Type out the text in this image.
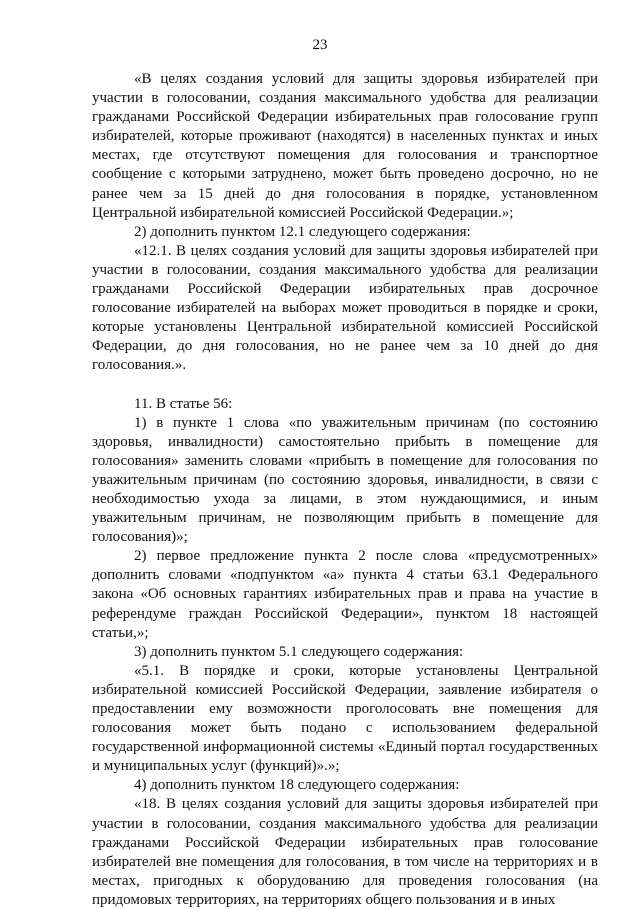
23

«В целях создания условий для защиты здоровья избирателей при участии в голосовании, создания максимального удобства для реализации гражданами Российской Федерации избирательных прав голосование групп избирателей, которые проживают (находятся) в населенных пунктах и иных местах, где отсутствуют помещения для голосования и транспортное сообщение с которыми затруднено, может быть проведено досрочно, но не ранее чем за 15 дней до дня голосования в порядке, установленном Центральной избирательной комиссией Российской Федерации.»;

2) дополнить пунктом 12.1 следующего содержания:

«12.1. В целях создания условий для защиты здоровья избирателей при участии в голосовании, создания максимального удобства для реализации гражданами Российской Федерации избирательных прав досрочное голосование избирателей на выборах может проводиться в порядке и сроки, которые установлены Центральной избирательной комиссией Российской Федерации, до дня голосования, но не ранее чем за 10 дней до дня голосования.».

11. В статье 56:

1) в пункте 1 слова «по уважительным причинам (по состоянию здоровья, инвалидности) самостоятельно прибыть в помещение для голосования» заменить словами «прибыть в помещение для голосования по уважительным причинам (по состоянию здоровья, инвалидности, в связи с необходимостью ухода за лицами, в этом нуждающимися, и иным уважительным причинам, не позволяющим прибыть в помещение для голосования)»;

2) первое предложение пункта 2 после слова «предусмотренных» дополнить словами «подпунктом «а» пункта 4 статьи 63.1 Федерального закона «Об основных гарантиях избирательных прав и права на участие в референдуме граждан Российской Федерации», пунктом 18 настоящей статьи,»;

3) дополнить пунктом 5.1 следующего содержания:

«5.1. В порядке и сроки, которые установлены Центральной избирательной комиссией Российской Федерации, заявление избирателя о предоставлении ему возможности проголосовать вне помещения для голосования может быть подано с использованием федеральной государственной информационной системы «Единый портал государственных и муниципальных услуг (функций)».»;

4) дополнить пунктом 18 следующего содержания:

«18. В целях создания условий для защиты здоровья избирателей при участии в голосовании, создания максимального удобства для реализации гражданами Российской Федерации избирательных прав голосование избирателей вне помещения для голосования, в том числе на территориях и в местах, пригодных к оборудованию для проведения голосования (на придомовых территориях, на территориях общего пользования и в иных
